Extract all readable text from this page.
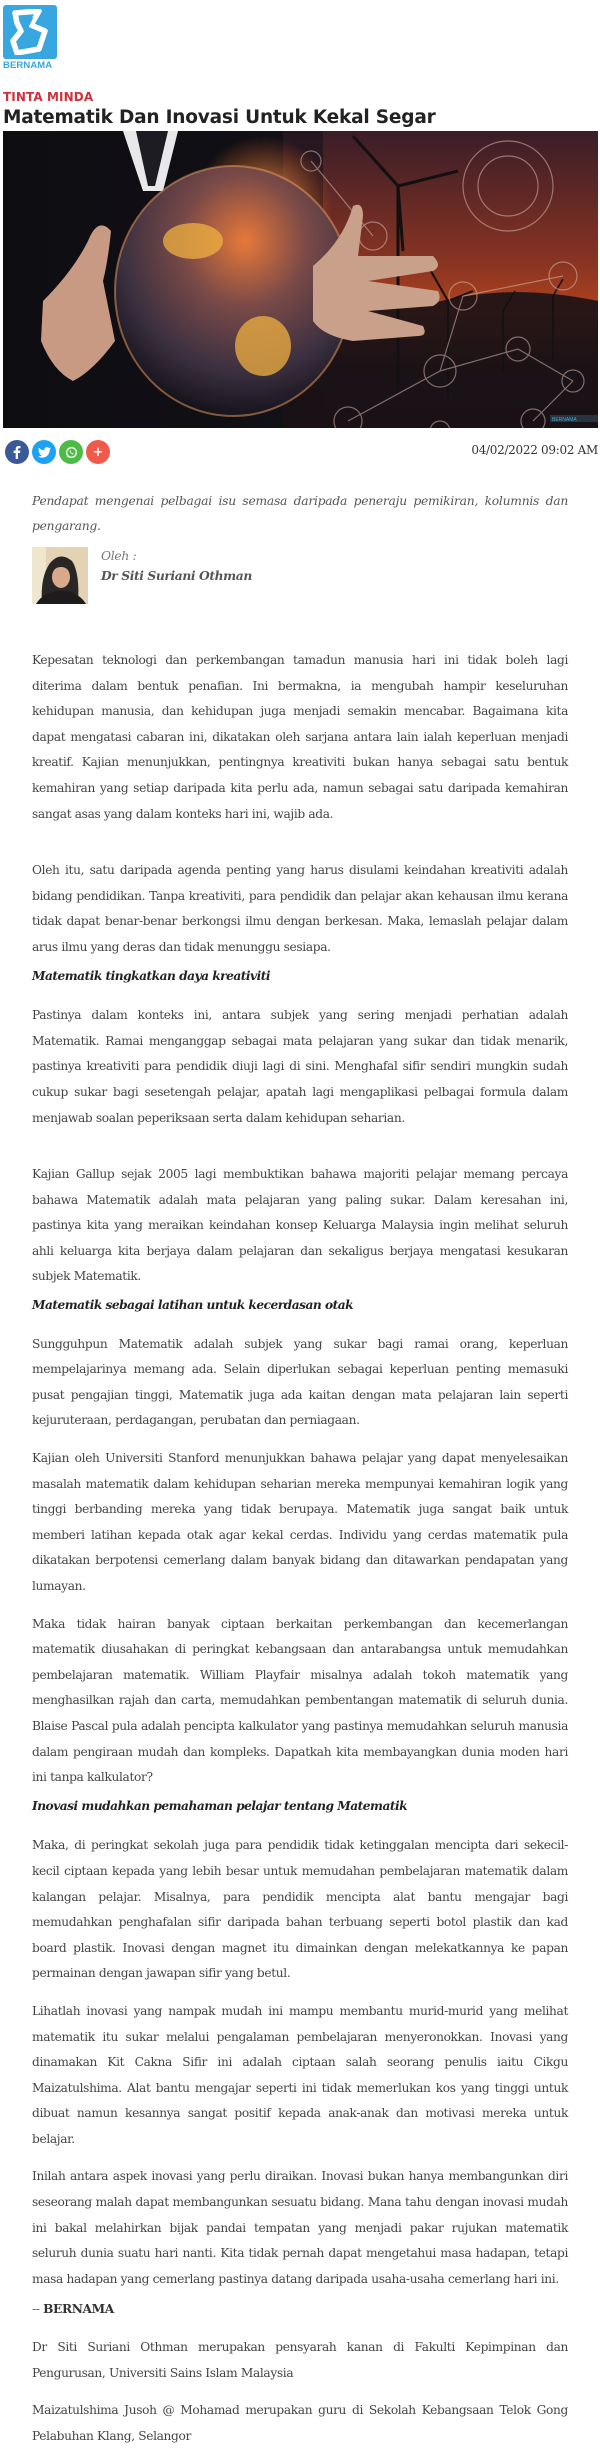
BERNAMA
TINTA MINDA
Matematik Dan Inovasi Untuk Kekal Segar
BERNAMA
+	04/02/2022 09:02 AM

Pendapat mengenai pelbagai isu semasa daripada peneraju pemikiran, kolumnis dan pengarang.

Oleh :
Dr Siti Suriani Othman

Kepesatan teknologi dan perkembangan tamadun manusia hari ini tidak boleh lagi diterima dalam bentuk penafian. Ini bermakna, ia mengubah hampir keseluruhan kehidupan manusia, dan kehidupan juga menjadi semakin mencabar. Bagaimana kita dapat mengatasi cabaran ini, dikatakan oleh sarjana antara lain ialah keperluan menjadi kreatif. Kajian menunjukkan, pentingnya kreativiti bukan hanya sebagai satu bentuk kemahiran yang setiap daripada kita perlu ada, namun sebagai satu daripada kemahiran sangat asas yang dalam konteks hari ini, wajib ada.

Oleh itu, satu daripada agenda penting yang harus disulami keindahan kreativiti adalah bidang pendidikan. Tanpa kreativiti, para pendidik dan pelajar akan kehausan ilmu kerana tidak dapat benar-benar berkongsi ilmu dengan berkesan. Maka, lemaslah pelajar dalam arus ilmu yang deras dan tidak menunggu sesiapa.

Matematik tingkatkan daya kreativiti

Pastinya dalam konteks ini, antara subjek yang sering menjadi perhatian adalah Matematik. Ramai menganggap sebagai mata pelajaran yang sukar dan tidak menarik, pastinya kreativiti para pendidik diuji lagi di sini. Menghafal sifir sendiri mungkin sudah cukup sukar bagi sesetengah pelajar, apatah lagi mengaplikasi pelbagai formula dalam menjawab soalan peperiksaan serta dalam kehidupan seharian.

Kajian Gallup sejak 2005 lagi membuktikan bahawa majoriti pelajar memang percaya bahawa Matematik adalah mata pelajaran yang paling sukar. Dalam keresahan ini, pastinya kita yang meraikan keindahan konsep Keluarga Malaysia ingin melihat seluruh ahli keluarga kita berjaya dalam pelajaran dan sekaligus berjaya mengatasi kesukaran subjek Matematik.

Matematik sebagai latihan untuk kecerdasan otak

Sungguhpun Matematik adalah subjek yang sukar bagi ramai orang, keperluan mempelajarinya memang ada. Selain diperlukan sebagai keperluan penting memasuki pusat pengajian tinggi, Matematik juga ada kaitan dengan mata pelajaran lain seperti kejuruteraan, perdagangan, perubatan dan perniagaan.

Kajian oleh Universiti Stanford menunjukkan bahawa pelajar yang dapat menyelesaikan masalah matematik dalam kehidupan seharian mereka mempunyai kemahiran logik yang tinggi berbanding mereka yang tidak berupaya. Matematik juga sangat baik untuk memberi latihan kepada otak agar kekal cerdas. Individu yang cerdas matematik pula dikatakan berpotensi cemerlang dalam banyak bidang dan ditawarkan pendapatan yang lumayan.

Maka tidak hairan banyak ciptaan berkaitan perkembangan dan kecemerlangan matematik diusahakan di peringkat kebangsaan dan antarabangsa untuk memudahkan pembelajaran matematik. William Playfair misalnya adalah tokoh matematik yang menghasilkan rajah dan carta, memudahkan pembentangan matematik di seluruh dunia. Blaise Pascal pula adalah pencipta kalkulator yang pastinya memudahkan seluruh manusia dalam pengiraan mudah dan kompleks. Dapatkah kita membayangkan dunia moden hari ini tanpa kalkulator?

Inovasi mudahkan pemahaman pelajar tentang Matematik

Maka, di peringkat sekolah juga para pendidik tidak ketinggalan mencipta dari sekecil-kecil ciptaan kepada yang lebih besar untuk memudahan pembelajaran matematik dalam kalangan pelajar. Misalnya, para pendidik mencipta alat bantu mengajar bagi memudahkan penghafalan sifir daripada bahan terbuang seperti botol plastik dan kad board plastik. Inovasi dengan magnet itu dimainkan dengan melekatkannya ke papan permainan dengan jawapan sifir yang betul.

Lihatlah inovasi yang nampak mudah ini mampu membantu murid-murid yang melihat matematik itu sukar melalui pengalaman pembelajaran menyeronokkan. Inovasi yang dinamakan Kit Cakna Sifir ini adalah ciptaan salah seorang penulis iaitu Cikgu Maizatulshima. Alat bantu mengajar seperti ini tidak memerlukan kos yang tinggi untuk dibuat namun kesannya sangat positif kepada anak-anak dan motivasi mereka untuk belajar.

Inilah antara aspek inovasi yang perlu diraikan. Inovasi bukan hanya membangunkan diri seseorang malah dapat membangunkan sesuatu bidang. Mana tahu dengan inovasi mudah ini bakal melahirkan bijak pandai tempatan yang menjadi pakar rujukan matematik seluruh dunia suatu hari nanti. Kita tidak pernah dapat mengetahui masa hadapan, tetapi masa hadapan yang cemerlang pastinya datang daripada usaha-usaha cemerlang hari ini.

-- BERNAMA

Dr Siti Suriani Othman merupakan pensyarah kanan di Fakulti Kepimpinan dan Pengurusan, Universiti Sains Islam Malaysia

Maizatulshima Jusoh @ Mohamad merupakan guru di Sekolah Kebangsaan Telok Gong Pelabuhan Klang, Selangor
